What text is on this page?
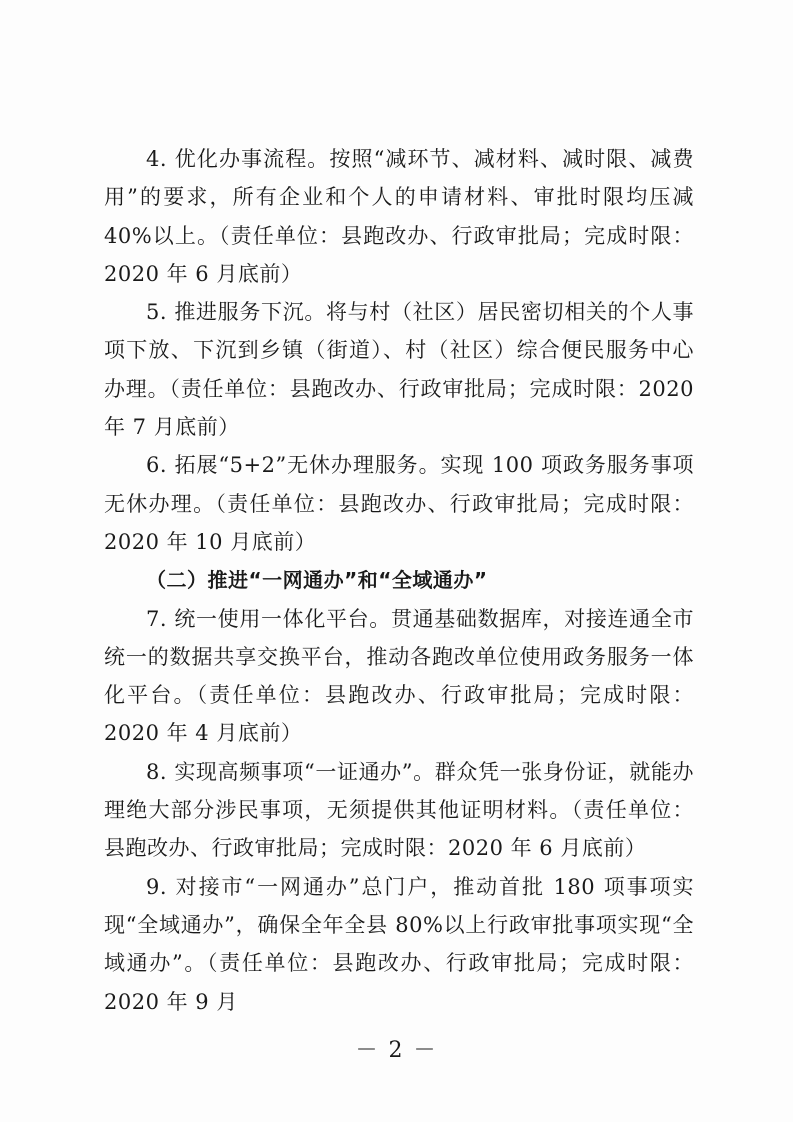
4. 优化办事流程。按照“减环节、减材料、减时限、减费用”的要求，所有企业和个人的申请材料、审批时限均压减 40%以上。（责任单位：县跑改办、行政审批局；完成时限：2020 年 6 月底前）

5. 推进服务下沉。将与村（社区）居民密切相关的个人事项下放、下沉到乡镇（街道）、村（社区）综合便民服务中心办理。（责任单位：县跑改办、行政审批局；完成时限：2020 年 7 月底前）

6. 拓展“5+2”无休办理服务。实现 100 项政务服务事项无休办理。（责任单位：县跑改办、行政审批局；完成时限：2020 年 10 月底前）

（二）推进“一网通办”和“全域通办”

7. 统一使用一体化平台。贯通基础数据库，对接连通全市统一的数据共享交换平台，推动各跑改单位使用政务服务一体化平台。（责任单位：县跑改办、行政审批局；完成时限：2020 年 4 月底前）

8. 实现高频事项“一证通办”。群众凭一张身份证，就能办理绝大部分涉民事项，无须提供其他证明材料。（责任单位：县跑改办、行政审批局；完成时限：2020 年 6 月底前）

9. 对接市“一网通办”总门户，推动首批 180 项事项实现“全域通办”，确保全年全县 80%以上行政审批事项实现“全域通办”。（责任单位：县跑改办、行政审批局；完成时限：2020 年 9 月

－ 2 －
